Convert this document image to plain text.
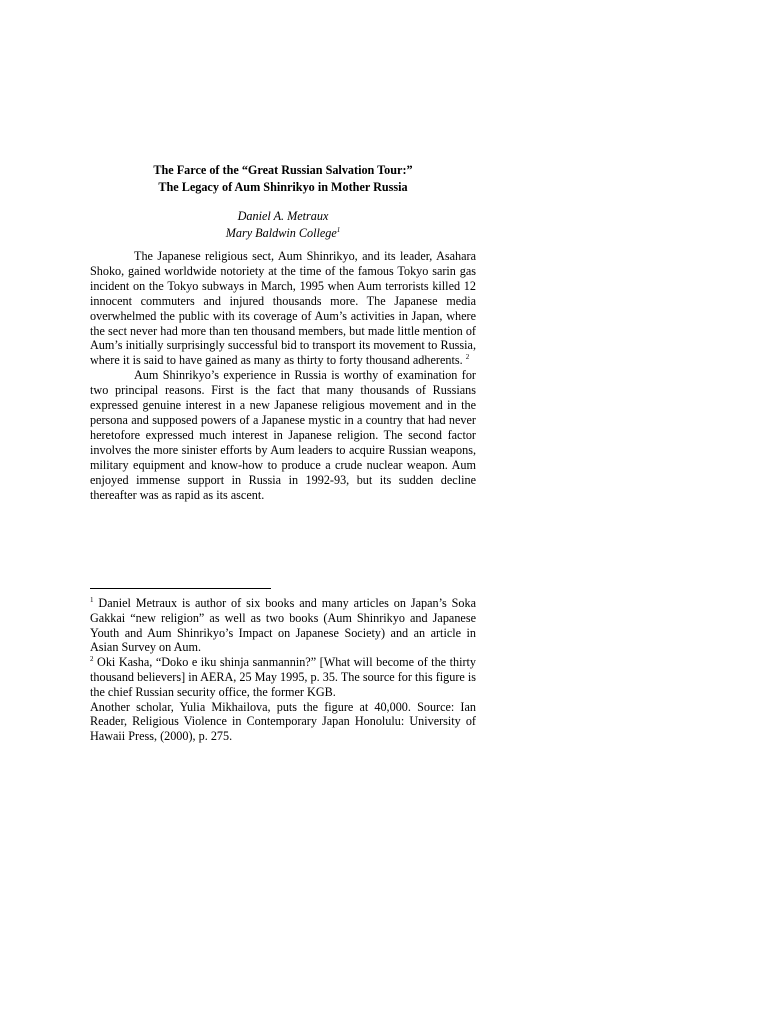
The Farce of the “Great Russian Salvation Tour:”

The Legacy of Aum Shinrikyo in Mother Russia

Daniel A. Metraux
Mary Baldwin College$^1$

The Japanese religious sect, Aum Shinrikyo, and its leader, Asahara Shoko, gained worldwide notoriety at the time of the famous Tokyo sarin gas incident on the Tokyo subways in March, 1995 when Aum terrorists killed 12 innocent commuters and injured thousands more. The Japanese media overwhelmed the public with its coverage of Aum’s activities in Japan, where the sect never had more than ten thousand members, but made little mention of Aum’s initially surprisingly successful bid to transport its movement to Russia, where it is said to have gained as many as thirty to forty thousand adherents. $^2$

Aum Shinrikyo’s experience in Russia is worthy of examination for two principal reasons. First is the fact that many thousands of Russians expressed genuine interest in a new Japanese religious movement and in the persona and supposed powers of a Japanese mystic in a country that had never heretofore expressed much interest in Japanese religion. The second factor involves the more sinister efforts by Aum leaders to acquire Russian weapons, military equipment and know-how to produce a crude nuclear weapon. Aum enjoyed immense support in Russia in 1992-93, but its sudden decline thereafter was as rapid as its ascent.

$^1$ Daniel Metraux is author of six books and many articles on Japan’s Soka Gakkai “new religion” as well as two books (Aum Shinrikyo and Japanese Youth and Aum Shinrikyo’s Impact on Japanese Society) and an article in Asian Survey on Aum.

$^2$ Oki Kasha, “Doko e iku shinja sanmannin?” [What will become of the thirty thousand believers] in AERA, 25 May 1995, p. 35. The source for this figure is the chief Russian security office, the former KGB.

Another scholar, Yulia Mikhailova, puts the figure at 40,000. Source: Ian Reader, Religious Violence in Contemporary Japan Honolulu: University of Hawaii Press, (2000), p. 275.
